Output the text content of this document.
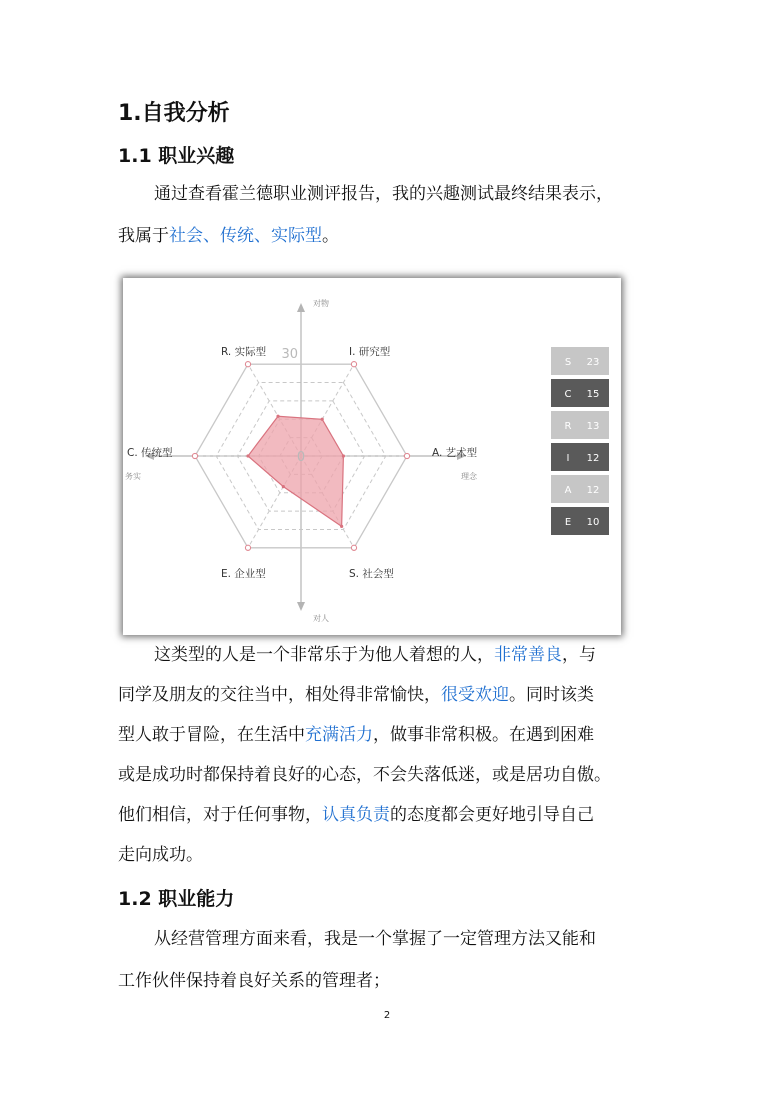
1.自我分析
1.1 职业兴趣
通过查看霍兰德职业测评报告，我的兴趣测试最终结果表示，
我属于社会、传统、实际型。
30
0
对物
对人
务实	理念
I. 研究型
A. 艺术型
S. 社会型
E. 企业型
C. 传统型
R. 实际型
S 23
C 15
R 13
I 12
A 12
E 10
这类型的人是一个非常乐于为他人着想的人，非常善良，与
同学及朋友的交往当中，相处得非常愉快，很受欢迎。同时该类
型人敢于冒险，在生活中充满活力，做事非常积极。在遇到困难
或是成功时都保持着良好的心态，不会失落低迷，或是居功自傲。
他们相信，对于任何事物，认真负责的态度都会更好地引导自己
走向成功。
1.2 职业能力
从经营管理方面来看，我是一个掌握了一定管理方法又能和
工作伙伴保持着良好关系的管理者；
2
